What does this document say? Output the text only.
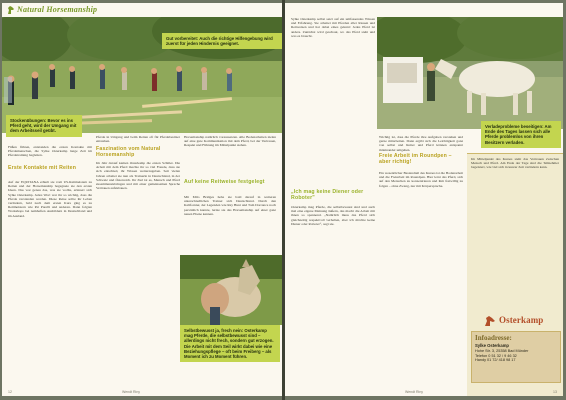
Natural Horsemanship
Gut vorbereitet: Auch die richtige Hilfengebung wird zuerst für jeden Hindernis geeignet.
Stockenübungen: Bevor es ins Pferd geht, wird der Umgang mit dem Arbeitsseil geübt.
Füßen führen, entstanden die ersten Kontakte mit Pferdemenschen, die Sylke Osterkamp lange Zeit im Pferdetraining begleiten.
Erste Kontakte mit Reiten
Auf der EQUITANA erhielt sie vom US-Reitmeistern zu Reiten und der Horsemanship begegnete sie den ersten Ideen. Das war genau das, was sie wollte, erinnert sich Sylke Osterkamp. Jedes Wort war ihr so wichtig, dass die Pferde verstanden werden. Diese Reise sollte ihr Leben verändern, bald nach dem ersten Kurs ging es zu Reitmeistern wie Pat Parelli und anderen. Dann folgten Workshops bei namhaften Ausbildern in Deutschland und im Ausland.
Pferde in Umgang und beim Reiten oft für Pferdebesitzer entstehen.
Faszination vom Natural Horsemanship
Im Jahr darauf kamen Osterkamp die ersten Schüler. Die Arbeit mit dem Pferd machte ihr so viel Freude, dass sie sich entschied, ihr Wissen weiterzugeben. Seit vielen Jahren arbeitet sie nun als Trainerin in Deutschland, in der Schweiz und Österreich. Ihr Ziel ist es, Mensch und Pferd zusammenzubringen und mit einer gemeinsamen Sprache Vertrauen aufzubauen.
Horsemanship natürlich voraussetzen. Alle Bodenarbeiten zielen auf eine gute Kommunikation mit dem Pferd, bei der Vertrauen, Respekt und Führung im Mittelpunkt stehen.
Auf keine Reitweise festgelegt
Mit Milo Bridges hebe sie bald darauf in weiteren unterschiedlichen Trainer sich Deutschland. Durch den Kalifornier, der Legenden wie Ray Hunt und Tom Dorrance noch persönlich kannte, lernte sie das Horsemanship auf einer ganz neuen Ebene kennen.
Selbstbewusst ja, frech nein: Osterkamp mag Pferde, die selbstbewusst sind – allerdings nicht frech, sondern gut erzogen. Die Arbeit mit dem Seil wirkt dabei wie eine Beziehungspflege – oft beim Freiberg – als Moment ich zu Moment führen.
12	Wendt Riny
Verladeprobleme beseitigen: Am Ende des Tages lassen sich alle Pferde problemlos von ihren Besitzern verladen.
Sylke Osterkamp selbst setzt auf ein umfassendes Wissen und Erfahrung. Sie arbeitet mit Pferden aller Rassen und Reitweisen und hat dabei eines gelernt: Jedes Pferd ist anders. Zunächst wird geschaut, wo das Pferd steht und was es braucht.
„Ich mag keine Diener oder Roboter"
Osterkamp mag Pferde, die selbstbewusst sind und auch mal eine eigene Meinung äußern, das macht die Arbeit mit ihnen so spannend. „Natürlich muss das Pferd sich gleichzeitig respektvoll verhalten, aber ich möchte keine Diener oder Roboter“, sagt sie.
Wichtig ist, dass die Pferde ihre Aufgaben verstehen und gerne mitarbeiten. Dann ergibt sich die Leichtigkeit ganz von selbst und Reiter und Pferd können entspannt miteinander umgehen.
Freie Arbeit im Roundpen – aber richtig!
Ein wesentlicher Bestandteil des Kurses ist die Bodenarbeit und die Freiarbeit im Roundpen. Hier lernt das Pferd, sich auf den Menschen zu konzentrieren und ihm freiwillig zu folgen – ohne Zwang, nur mit Körpersprache.
Im Mittelpunkt des Kurses steht das Vertrauen zwischen Mensch und Pferd. Am Ende der Tage sind die Teilnehmer begeistert, wie viel sich in kurzer Zeit verändern kann.
Osterkamp
Infoadresse:
Sylke Osterkamp
Hohe Str. 3, 25358 Bad Münder
Telefon 0 51 32 / 9 46 32
Handy 01 72/ 418 98 17
Wendt Riny	13
